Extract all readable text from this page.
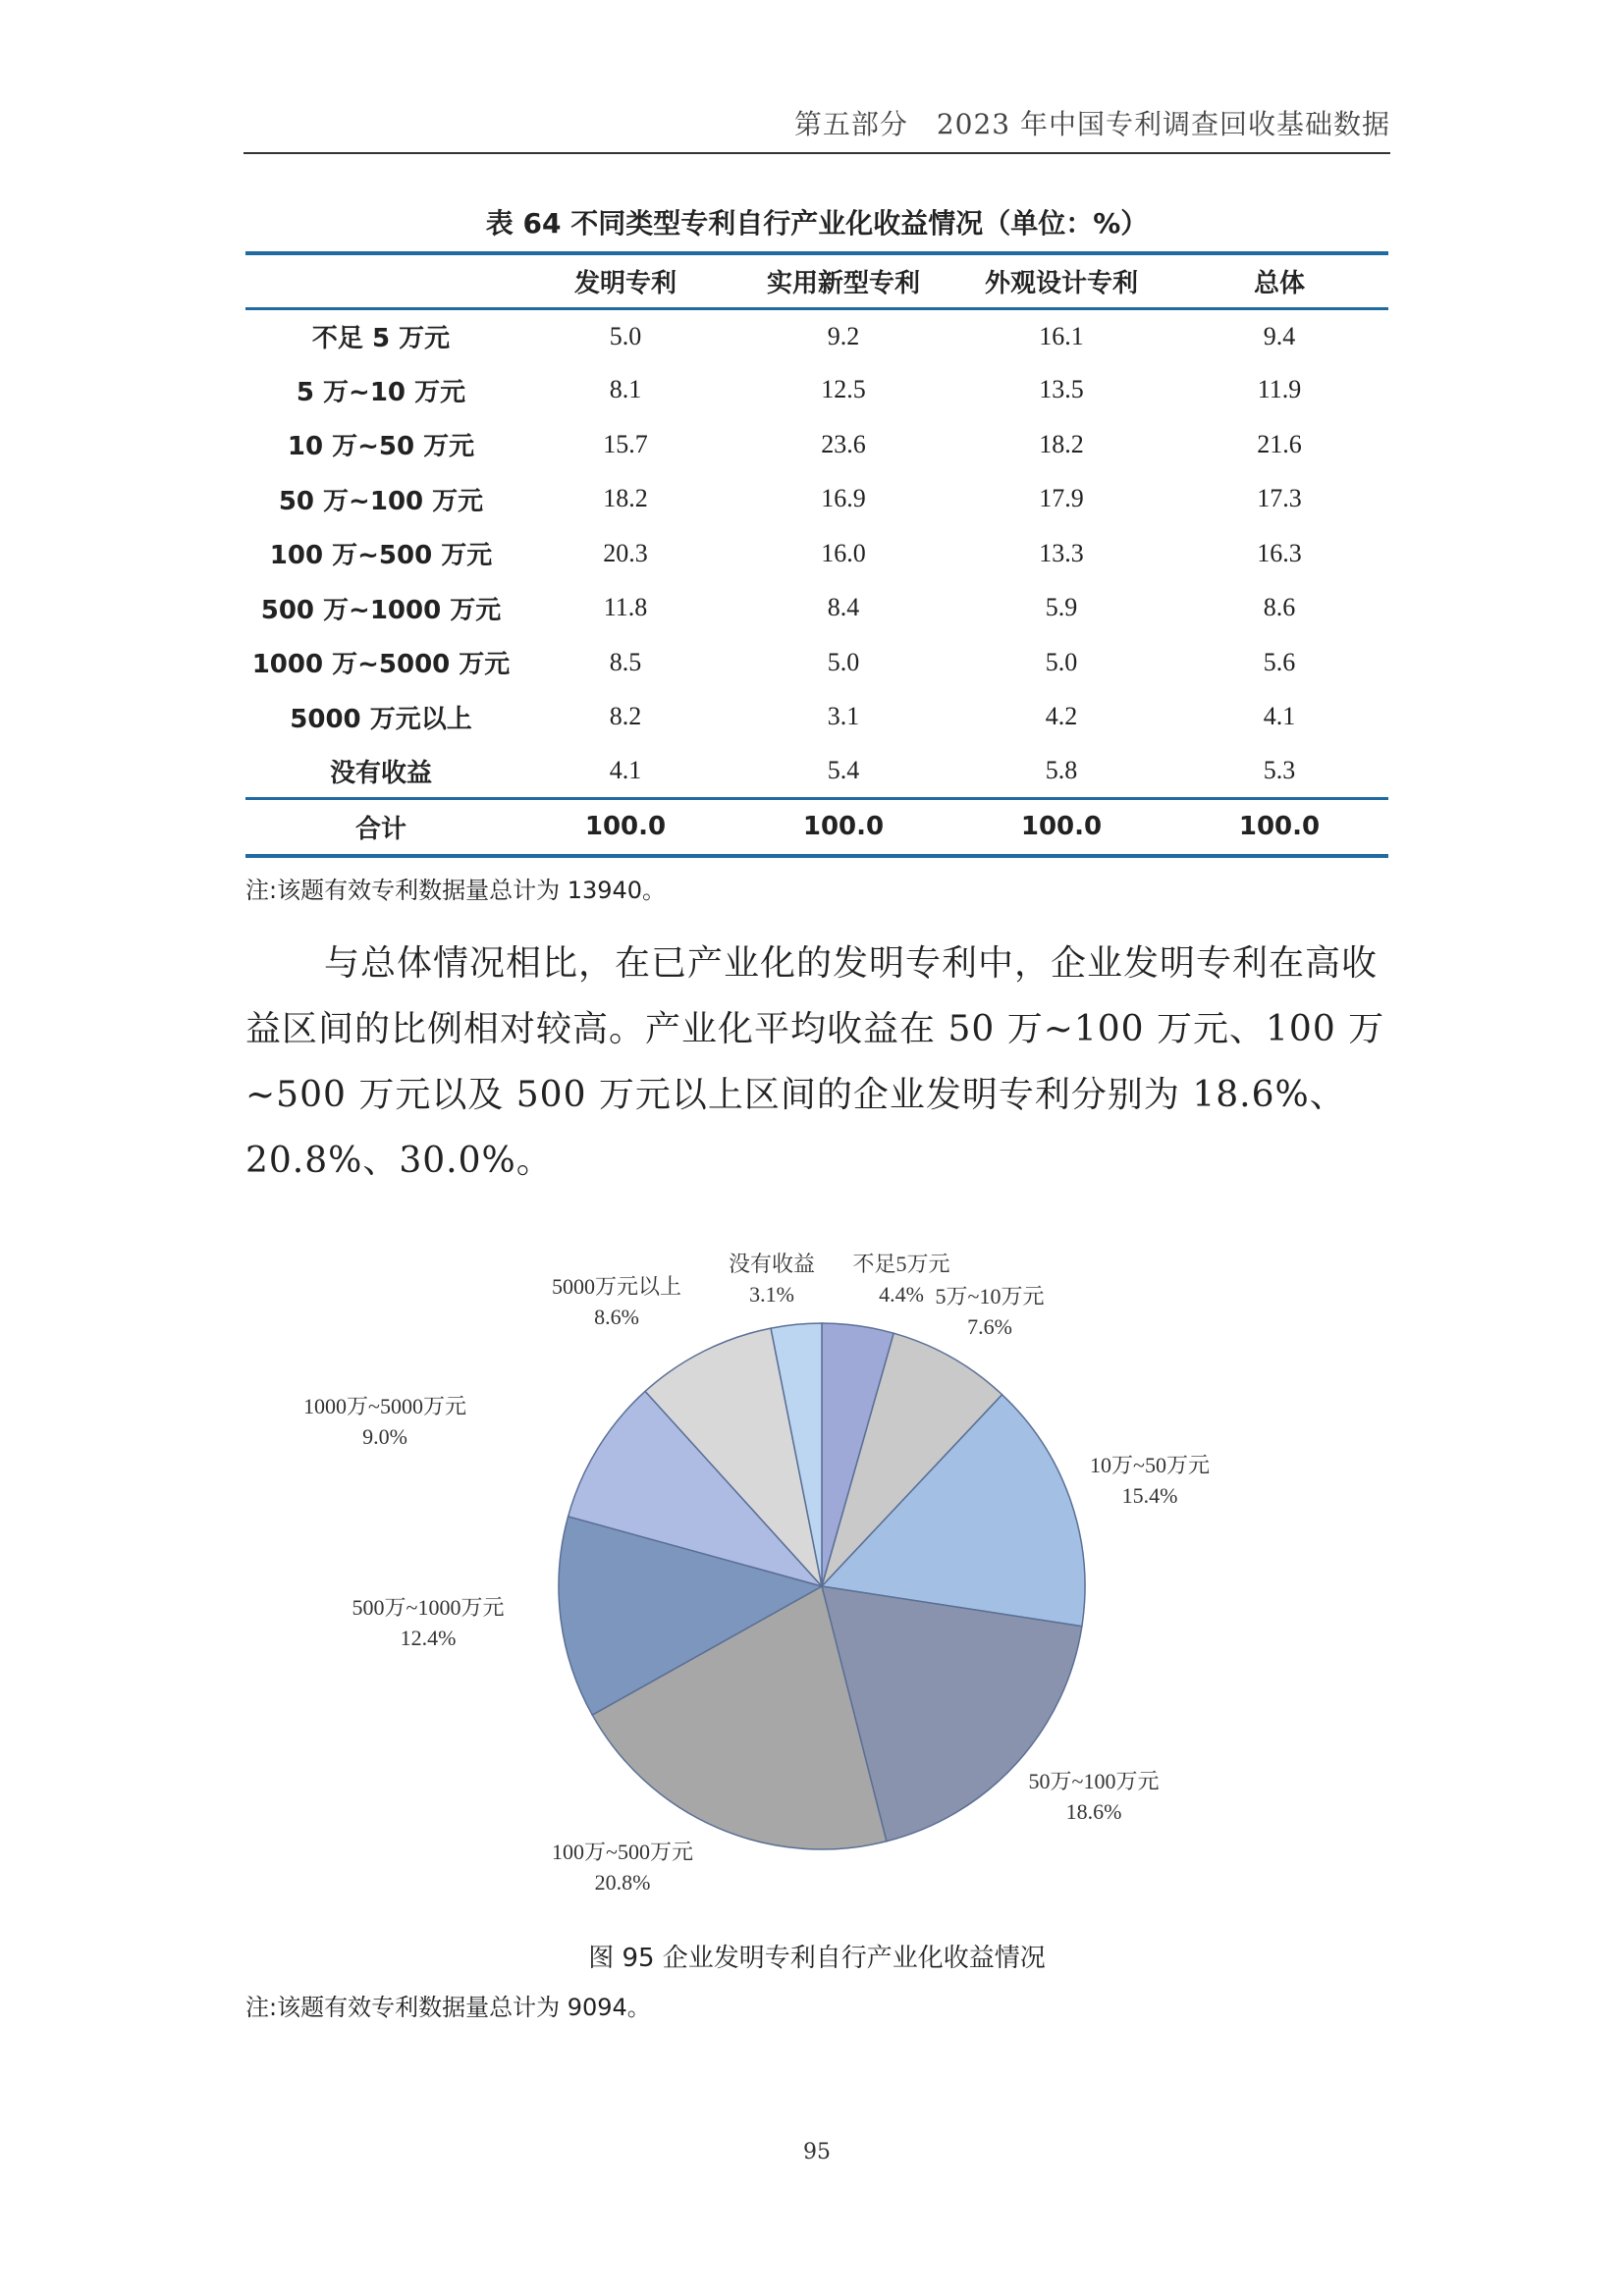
第五部分　2023 年中国专利调查回收基础数据
表 64 不同类型专利自行产业化收益情况（单位：%）
	发明专利	实用新型专利	外观设计专利	总体
不足 5 万元	5.0	9.2	16.1	9.4
5 万~10 万元	8.1	12.5	13.5	11.9
10 万~50 万元	15.7	23.6	18.2	21.6
50 万~100 万元	18.2	16.9	17.9	17.3
100 万~500 万元	20.3	16.0	13.3	16.3
500 万~1000 万元	11.8	8.4	5.9	8.6
1000 万~5000 万元	8.5	5.0	5.0	5.6
5000 万元以上	8.2	3.1	4.2	4.1
没有收益	4.1	5.4	5.8	5.3
合计	100.0	100.0	100.0	100.0
注:该题有效专利数据量总计为 13940。

与总体情况相比，在已产业化的发明专利中，企业发明专利在高收益区间的比例相对较高。产业化平均收益在 50 万~100 万元、100 万~500 万元以及 500 万元以上区间的企业发明专利分别为 18.6%、20.8%、30.0%。

不足5万元
4.4% 5万~10万元
7.6%
10万~50万元
15.4%
50万~100万元
18.6%
100万~500万元
20.8%
500万~1000万元
12.4%
1000万~5000万元
9.0%
5000万元以上
8.6%
没有收益
3.1%
图 95 企业发明专利自行产业化收益情况
注:该题有效专利数据量总计为 9094。
95
